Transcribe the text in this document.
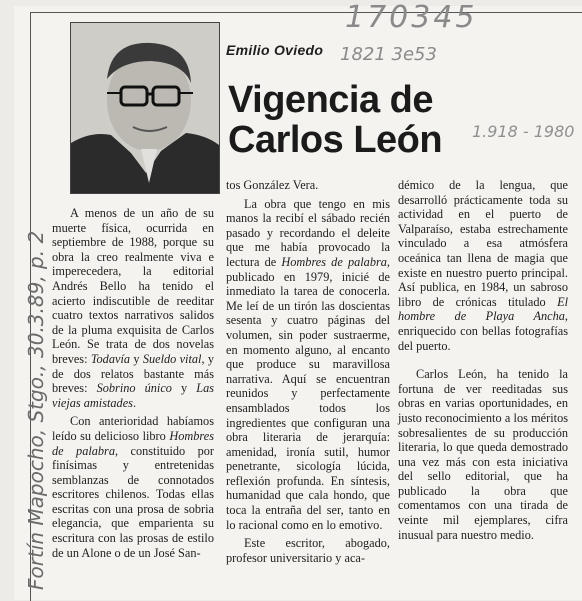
170345
1821 3e53
1.918 - 1980
Fortín Mapocho, Stgo., 30.3.89, p. 2
Emilio Oviedo
Vigencia de
Carlos León

A menos de un año de su muerte física, ocurrida en septiembre de 1988, porque su obra la creo realmente viva e imperecedera, la editorial Andrés Bello ha tenido el acierto indiscutible de reeditar cuatro textos narrativos salidos de la pluma exquisita de Carlos León. Se trata de dos novelas breves: Todavía y Sueldo vital, y de dos relatos bastante más breves: Sobrino único y Las viejas amistades.

Con anterioridad habíamos leído su delicioso libro Hombres de palabra, constituido por finísimas y entretenidas semblanzas de connotados escritores chilenos. Todas ellas escritas con una prosa de sobria elegancia, que emparienta su escritura con las prosas de estilo de un Alone o de un José San-

tos González Vera.

La obra que tengo en mis manos la recibí el sábado recién pasado y recordando el deleite que me había provocado la lectura de Hombres de palabra, publicado en 1979, inicié de inmediato la tarea de conocerla. Me leí de un tirón las doscientas sesenta y cuatro páginas del volumen, sin poder sustraerme, en momento alguno, al encanto que produce su maravillosa narrativa. Aquí se encuentran reunidos y perfectamente ensamblados todos los ingredientes que configuran una obra literaria de jerarquía: amenidad, ironía sutil, humor penetrante, sicología lúcida, reflexión profunda. En síntesis, humanidad que cala hondo, que toca la entraña del ser, tanto en lo racional como en lo emotivo.

Este escritor, abogado, profesor universitario y aca-

démico de la lengua, que desarrolló prácticamente toda su actividad en el puerto de Valparaíso, estaba estrechamente vinculado a esa atmósfera oceánica tan llena de magia que existe en nuestro puerto principal. Así publica, en 1984, un sabroso libro de crónicas titulado El hombre de Playa Ancha, enriquecido con bellas fotografías del puerto.

Carlos León, ha tenido la fortuna de ver reeditadas sus obras en varias oportunidades, en justo reconocimiento a los méritos sobresalientes de su producción literaria, lo que queda demostrado una vez más con esta iniciativa del sello editorial, que ha publicado la obra que comentamos con una tirada de veinte mil ejemplares, cifra inusual para nuestro medio.
